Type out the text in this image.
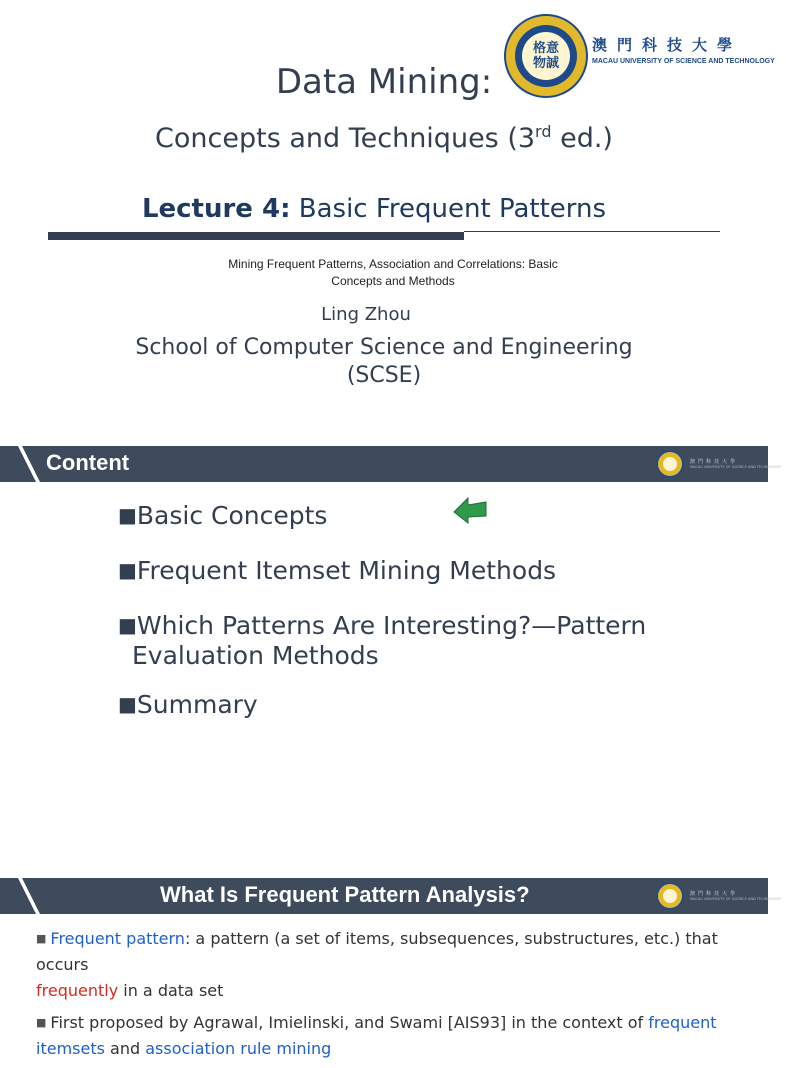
格意
物誠
澳門科技大學
MACAU UNIVERSITY OF SCIENCE AND TECHNOLOGY
Data Mining:
Concepts and Techniques (3rd ed.)
Lecture 4: Basic Frequent Patterns
Mining Frequent Patterns, Association and Correlations: Basic
Concepts and Methods
Ling Zhou
School of Computer Science and Engineering
(SCSE)
Content	澳門科技大學
MACAU UNIVERSITY OF SCIENCE AND TECHNOLOGY
■Basic Concepts
■Frequent Itemset Mining Methods
■Which Patterns Are Interesting?—Pattern
Evaluation Methods
■Summary
What Is Frequent Pattern Analysis?	澳門科技大學
MACAU UNIVERSITY OF SCIENCE AND TECHNOLOGY
■ Frequent pattern: a pattern (a set of items, subsequences, substructures, etc.) that occurs
frequently in a data set
■ First proposed by Agrawal, Imielinski, and Swami [AIS93] in the context of frequent
itemsets and association rule mining
